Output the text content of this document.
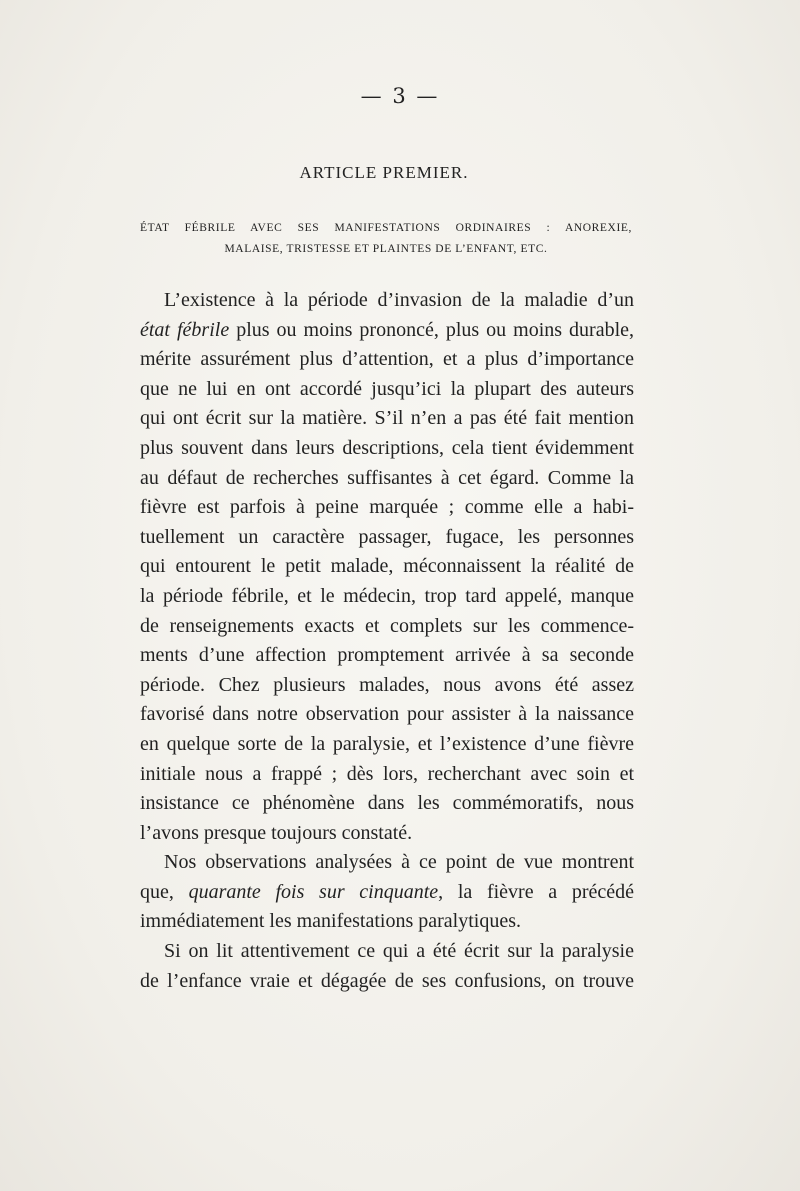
— 3 —
ARTICLE PREMIER.
ÉTAT FÉBRILE AVEC SES MANIFESTATIONS ORDINAIRES : ANOREXIE,
MALAISE, TRISTESSE ET PLAINTES DE L’ENFANT, ETC.
L’existence à la période d’invasion de la maladie d’un
état fébrile plus ou moins prononcé, plus ou moins durable,
mérite assurément plus d’attention, et a plus d’importance
que ne lui en ont accordé jusqu’ici la plupart des auteurs
qui ont écrit sur la matière. S’il n’en a pas été fait mention
plus souvent dans leurs descriptions, cela tient évidemment
au défaut de recherches suffisantes à cet égard. Comme la
fièvre est parfois à peine marquée ; comme elle a habi-
tuellement un caractère passager, fugace, les personnes
qui entourent le petit malade, méconnaissent la réalité de
la période fébrile, et le médecin, trop tard appelé, manque
de renseignements exacts et complets sur les commence-
ments d’une affection promptement arrivée à sa seconde
période. Chez plusieurs malades, nous avons été assez
favorisé dans notre observation pour assister à la naissance
en quelque sorte de la paralysie, et l’existence d’une fièvre
initiale nous a frappé ; dès lors, recherchant avec soin et
insistance ce phénomène dans les commémoratifs, nous
l’avons presque toujours constaté.
Nos observations analysées à ce point de vue montrent
que, quarante fois sur cinquante, la fièvre a précédé
immédiatement les manifestations paralytiques.
Si on lit attentivement ce qui a été écrit sur la paralysie
de l’enfance vraie et dégagée de ses confusions, on trouve
